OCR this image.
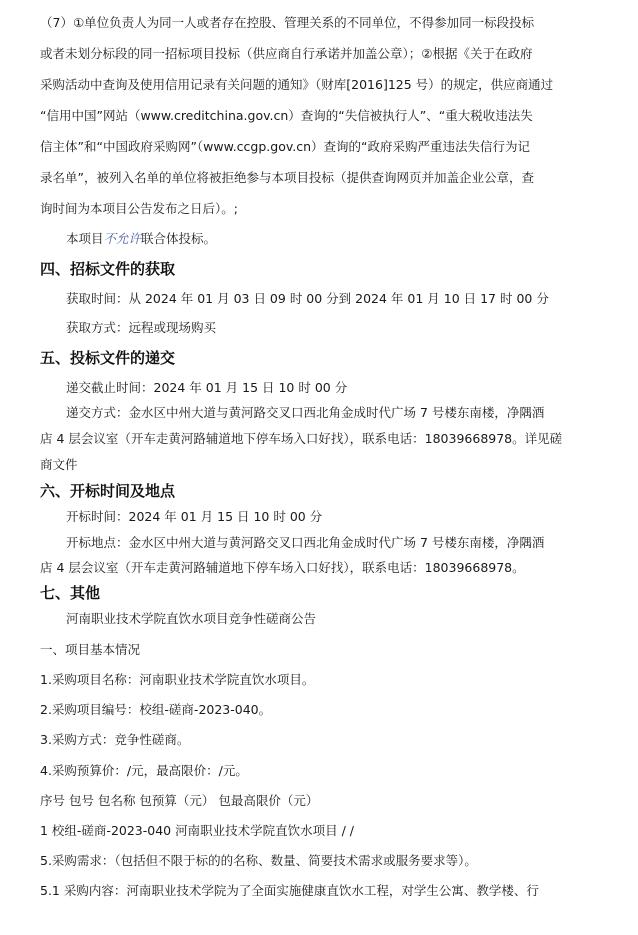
（7）①单位负责人为同一人或者存在控股、管理关系的不同单位，不得参加同一标段投标
或者未划分标段的同一招标项目投标（供应商自行承诺并加盖公章）；②根据《关于在政府
采购活动中查询及使用信用记录有关问题的通知》（财库[2016]125 号）的规定，供应商通过
“信用中国”网站（www.creditchina.gov.cn）查询的“失信被执行人”、“重大税收违法失
信主体”和“中国政府采购网”（www.ccgp.gov.cn）查询的“政府采购严重违法失信行为记
录名单”，被列入名单的单位将被拒绝参与本项目投标（提供查询网页并加盖企业公章，查
询时间为本项目公告发布之日后）。;
本项目不允许联合体投标。
四、招标文件的获取
获取时间：从 2024 年 01 月 03 日 09 时 00 分到 2024 年 01 月 10 日 17 时 00 分
获取方式：远程或现场购买
五、投标文件的递交
递交截止时间：2024 年 01 月 15 日 10 时 00 分
递交方式：金水区中州大道与黄河路交叉口西北角金成时代广场 7 号楼东南楼，净隅酒
店 4 层会议室（开车走黄河路辅道地下停车场入口好找），联系电话：18039668978。详见磋
商文件
六、开标时间及地点
开标时间：2024 年 01 月 15 日 10 时 00 分
开标地点：金水区中州大道与黄河路交叉口西北角金成时代广场 7 号楼东南楼，净隅酒
店 4 层会议室（开车走黄河路辅道地下停车场入口好找），联系电话：18039668978。
七、其他
河南职业技术学院直饮水项目竞争性磋商公告
一、项目基本情况
1.采购项目名称：河南职业技术学院直饮水项目。
2.采购项目编号：校组-磋商-2023-040。
3.采购方式：竞争性磋商。
4.采购预算价：/元，最高限价：/元。
序号 包号 包名称 包预算（元） 包最高限价（元）
1 校组-磋商-2023-040 河南职业技术学院直饮水项目 / /
5.采购需求：（包括但不限于标的的名称、数量、简要技术需求或服务要求等）。
5.1 采购内容：河南职业技术学院为了全面实施健康直饮水工程，对学生公寓、教学楼、行
